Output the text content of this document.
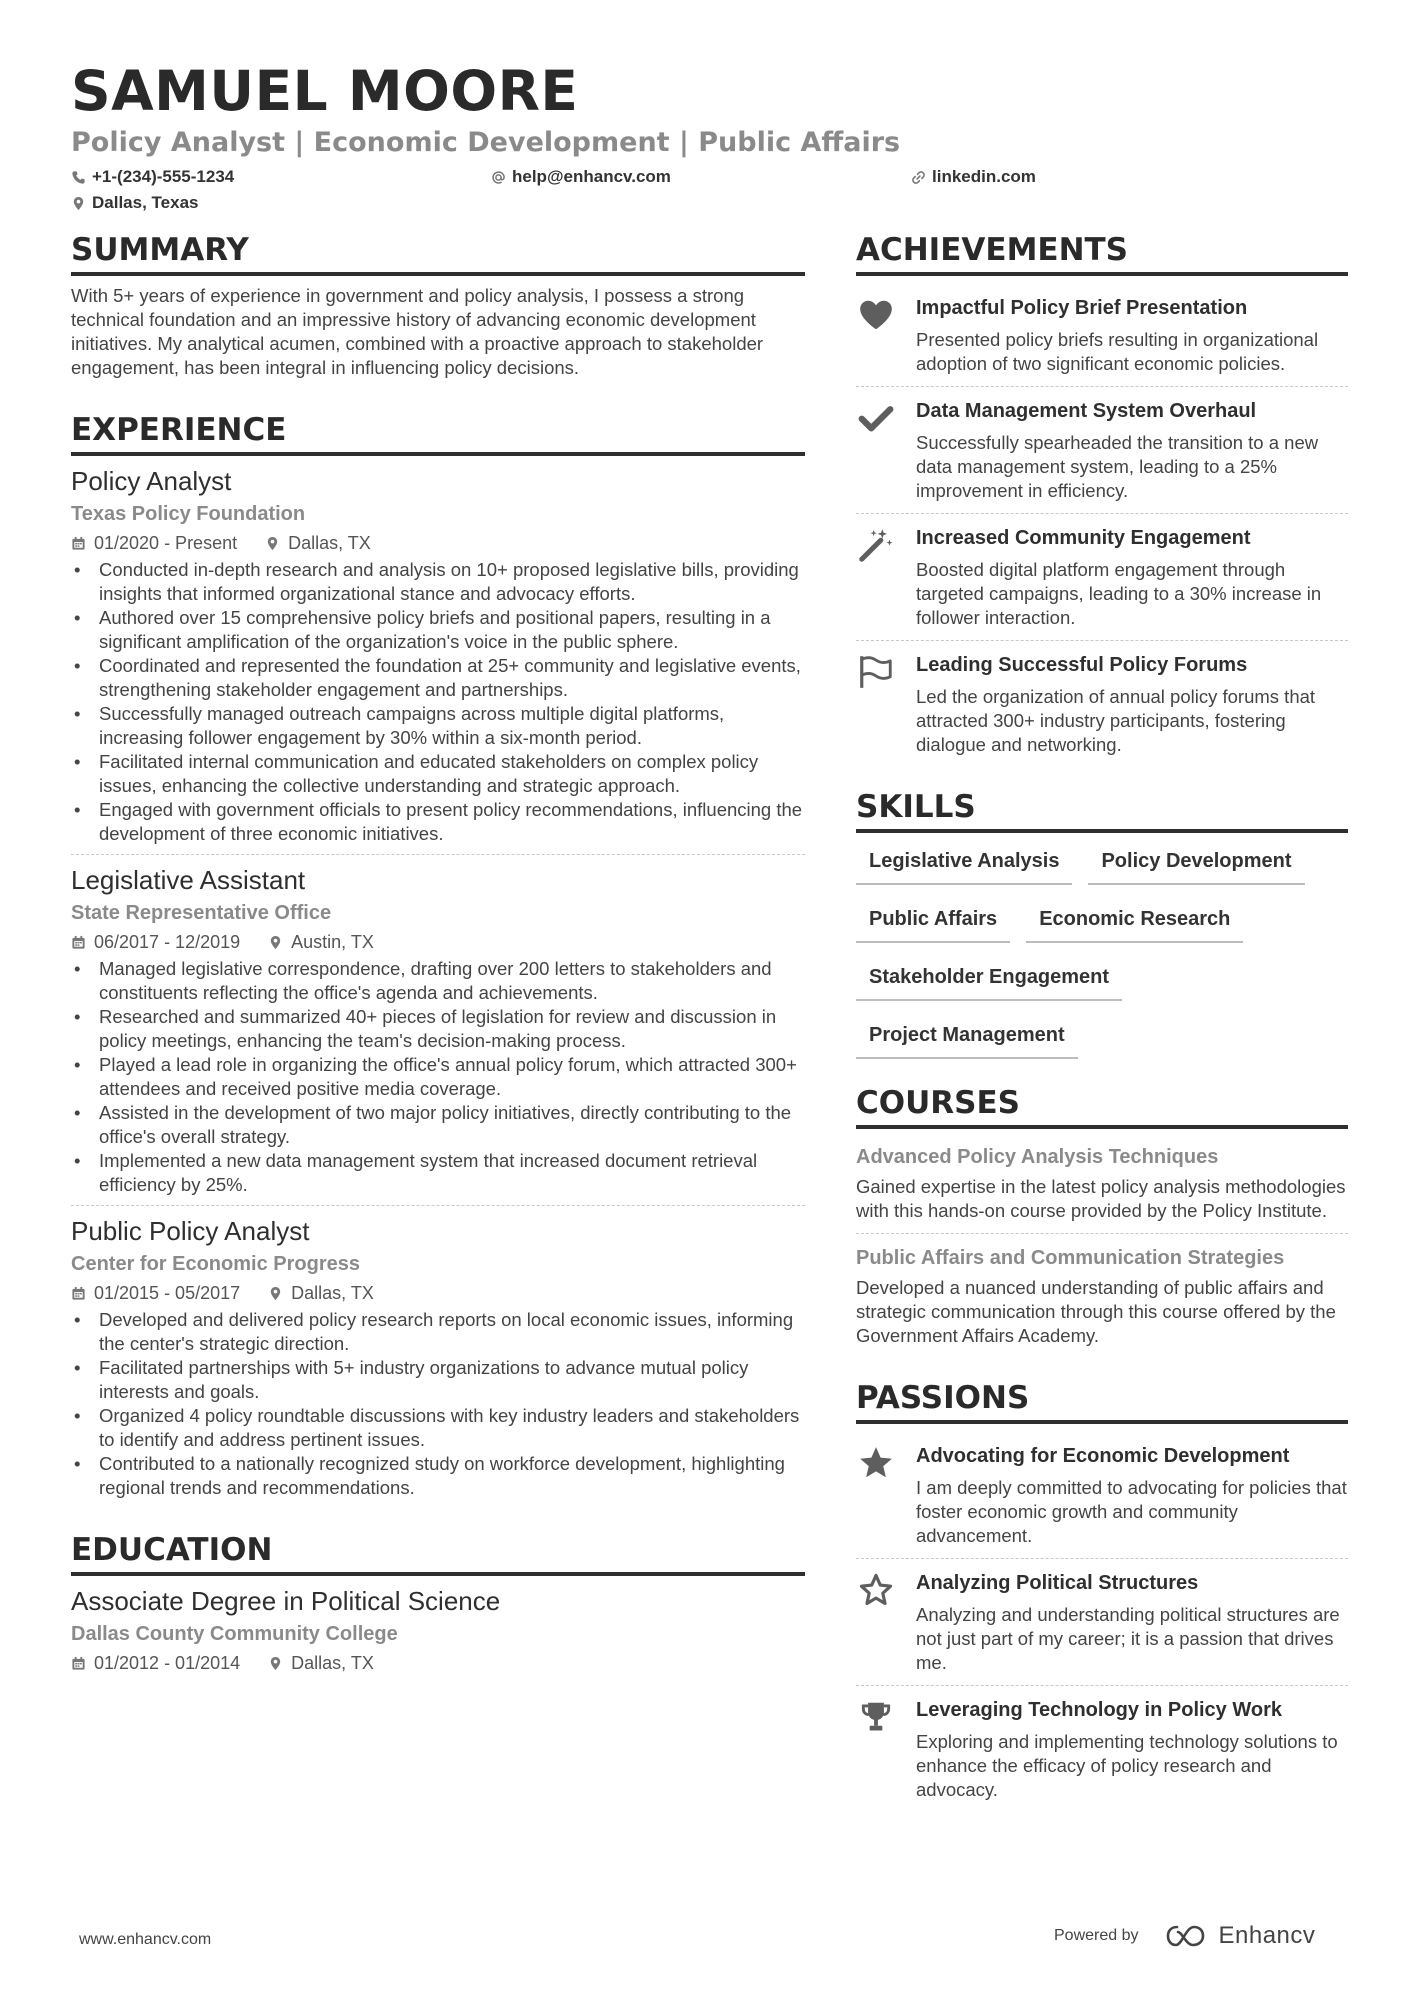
SAMUEL MOORE
Policy Analyst | Economic Development | Public Affairs
+1-(234)-555-1234	help@enhancv.com	linkedin.com
Dallas, Texas
SUMMARY
With 5+ years of experience in government and policy analysis, I possess a strong technical foundation and an impressive history of advancing economic development initiatives. My analytical acumen, combined with a proactive approach to stakeholder engagement, has been integral in influencing policy decisions.
EXPERIENCE
Policy Analyst
Texas Policy Foundation
01/2020 - Present	Dallas, TX
• Conducted in-depth research and analysis on 10+ proposed legislative bills, providing insights that informed organizational stance and advocacy efforts.
• Authored over 15 comprehensive policy briefs and positional papers, resulting in a significant amplification of the organization's voice in the public sphere.
• Coordinated and represented the foundation at 25+ community and legislative events, strengthening stakeholder engagement and partnerships.
• Successfully managed outreach campaigns across multiple digital platforms, increasing follower engagement by 30% within a six-month period.
• Facilitated internal communication and educated stakeholders on complex policy issues, enhancing the collective understanding and strategic approach.
• Engaged with government officials to present policy recommendations, influencing the development of three economic initiatives.
Legislative Assistant
State Representative Office
06/2017 - 12/2019	Austin, TX
• Managed legislative correspondence, drafting over 200 letters to stakeholders and constituents reflecting the office's agenda and achievements.
• Researched and summarized 40+ pieces of legislation for review and discussion in policy meetings, enhancing the team's decision-making process.
• Played a lead role in organizing the office's annual policy forum, which attracted 300+ attendees and received positive media coverage.
• Assisted in the development of two major policy initiatives, directly contributing to the office's overall strategy.
• Implemented a new data management system that increased document retrieval efficiency by 25%.
Public Policy Analyst
Center for Economic Progress
01/2015 - 05/2017	Dallas, TX
• Developed and delivered policy research reports on local economic issues, informing the center's strategic direction.
• Facilitated partnerships with 5+ industry organizations to advance mutual policy interests and goals.
• Organized 4 policy roundtable discussions with key industry leaders and stakeholders to identify and address pertinent issues.
• Contributed to a nationally recognized study on workforce development, highlighting regional trends and recommendations.
EDUCATION
Associate Degree in Political Science
Dallas County Community College
01/2012 - 01/2014	Dallas, TX
ACHIEVEMENTS
Impactful Policy Brief Presentation
Presented policy briefs resulting in organizational adoption of two significant economic policies.
Data Management System Overhaul
Successfully spearheaded the transition to a new data management system, leading to a 25% improvement in efficiency.
Increased Community Engagement
Boosted digital platform engagement through targeted campaigns, leading to a 30% increase in follower interaction.
Leading Successful Policy Forums
Led the organization of annual policy forums that attracted 300+ industry participants, fostering dialogue and networking.
SKILLS
Legislative Analysis	Policy Development
Public Affairs	Economic Research
Stakeholder Engagement
Project Management
COURSES
Advanced Policy Analysis Techniques
Gained expertise in the latest policy analysis methodologies with this hands-on course provided by the Policy Institute.
Public Affairs and Communication Strategies
Developed a nuanced understanding of public affairs and strategic communication through this course offered by the Government Affairs Academy.
PASSIONS
Advocating for Economic Development
I am deeply committed to advocating for policies that foster economic growth and community advancement.
Analyzing Political Structures
Analyzing and understanding political structures are not just part of my career; it is a passion that drives me.
Leveraging Technology in Policy Work
Exploring and implementing technology solutions to enhance the efficacy of policy research and advocacy.
www.enhancv.com	Powered by	Enhancv
